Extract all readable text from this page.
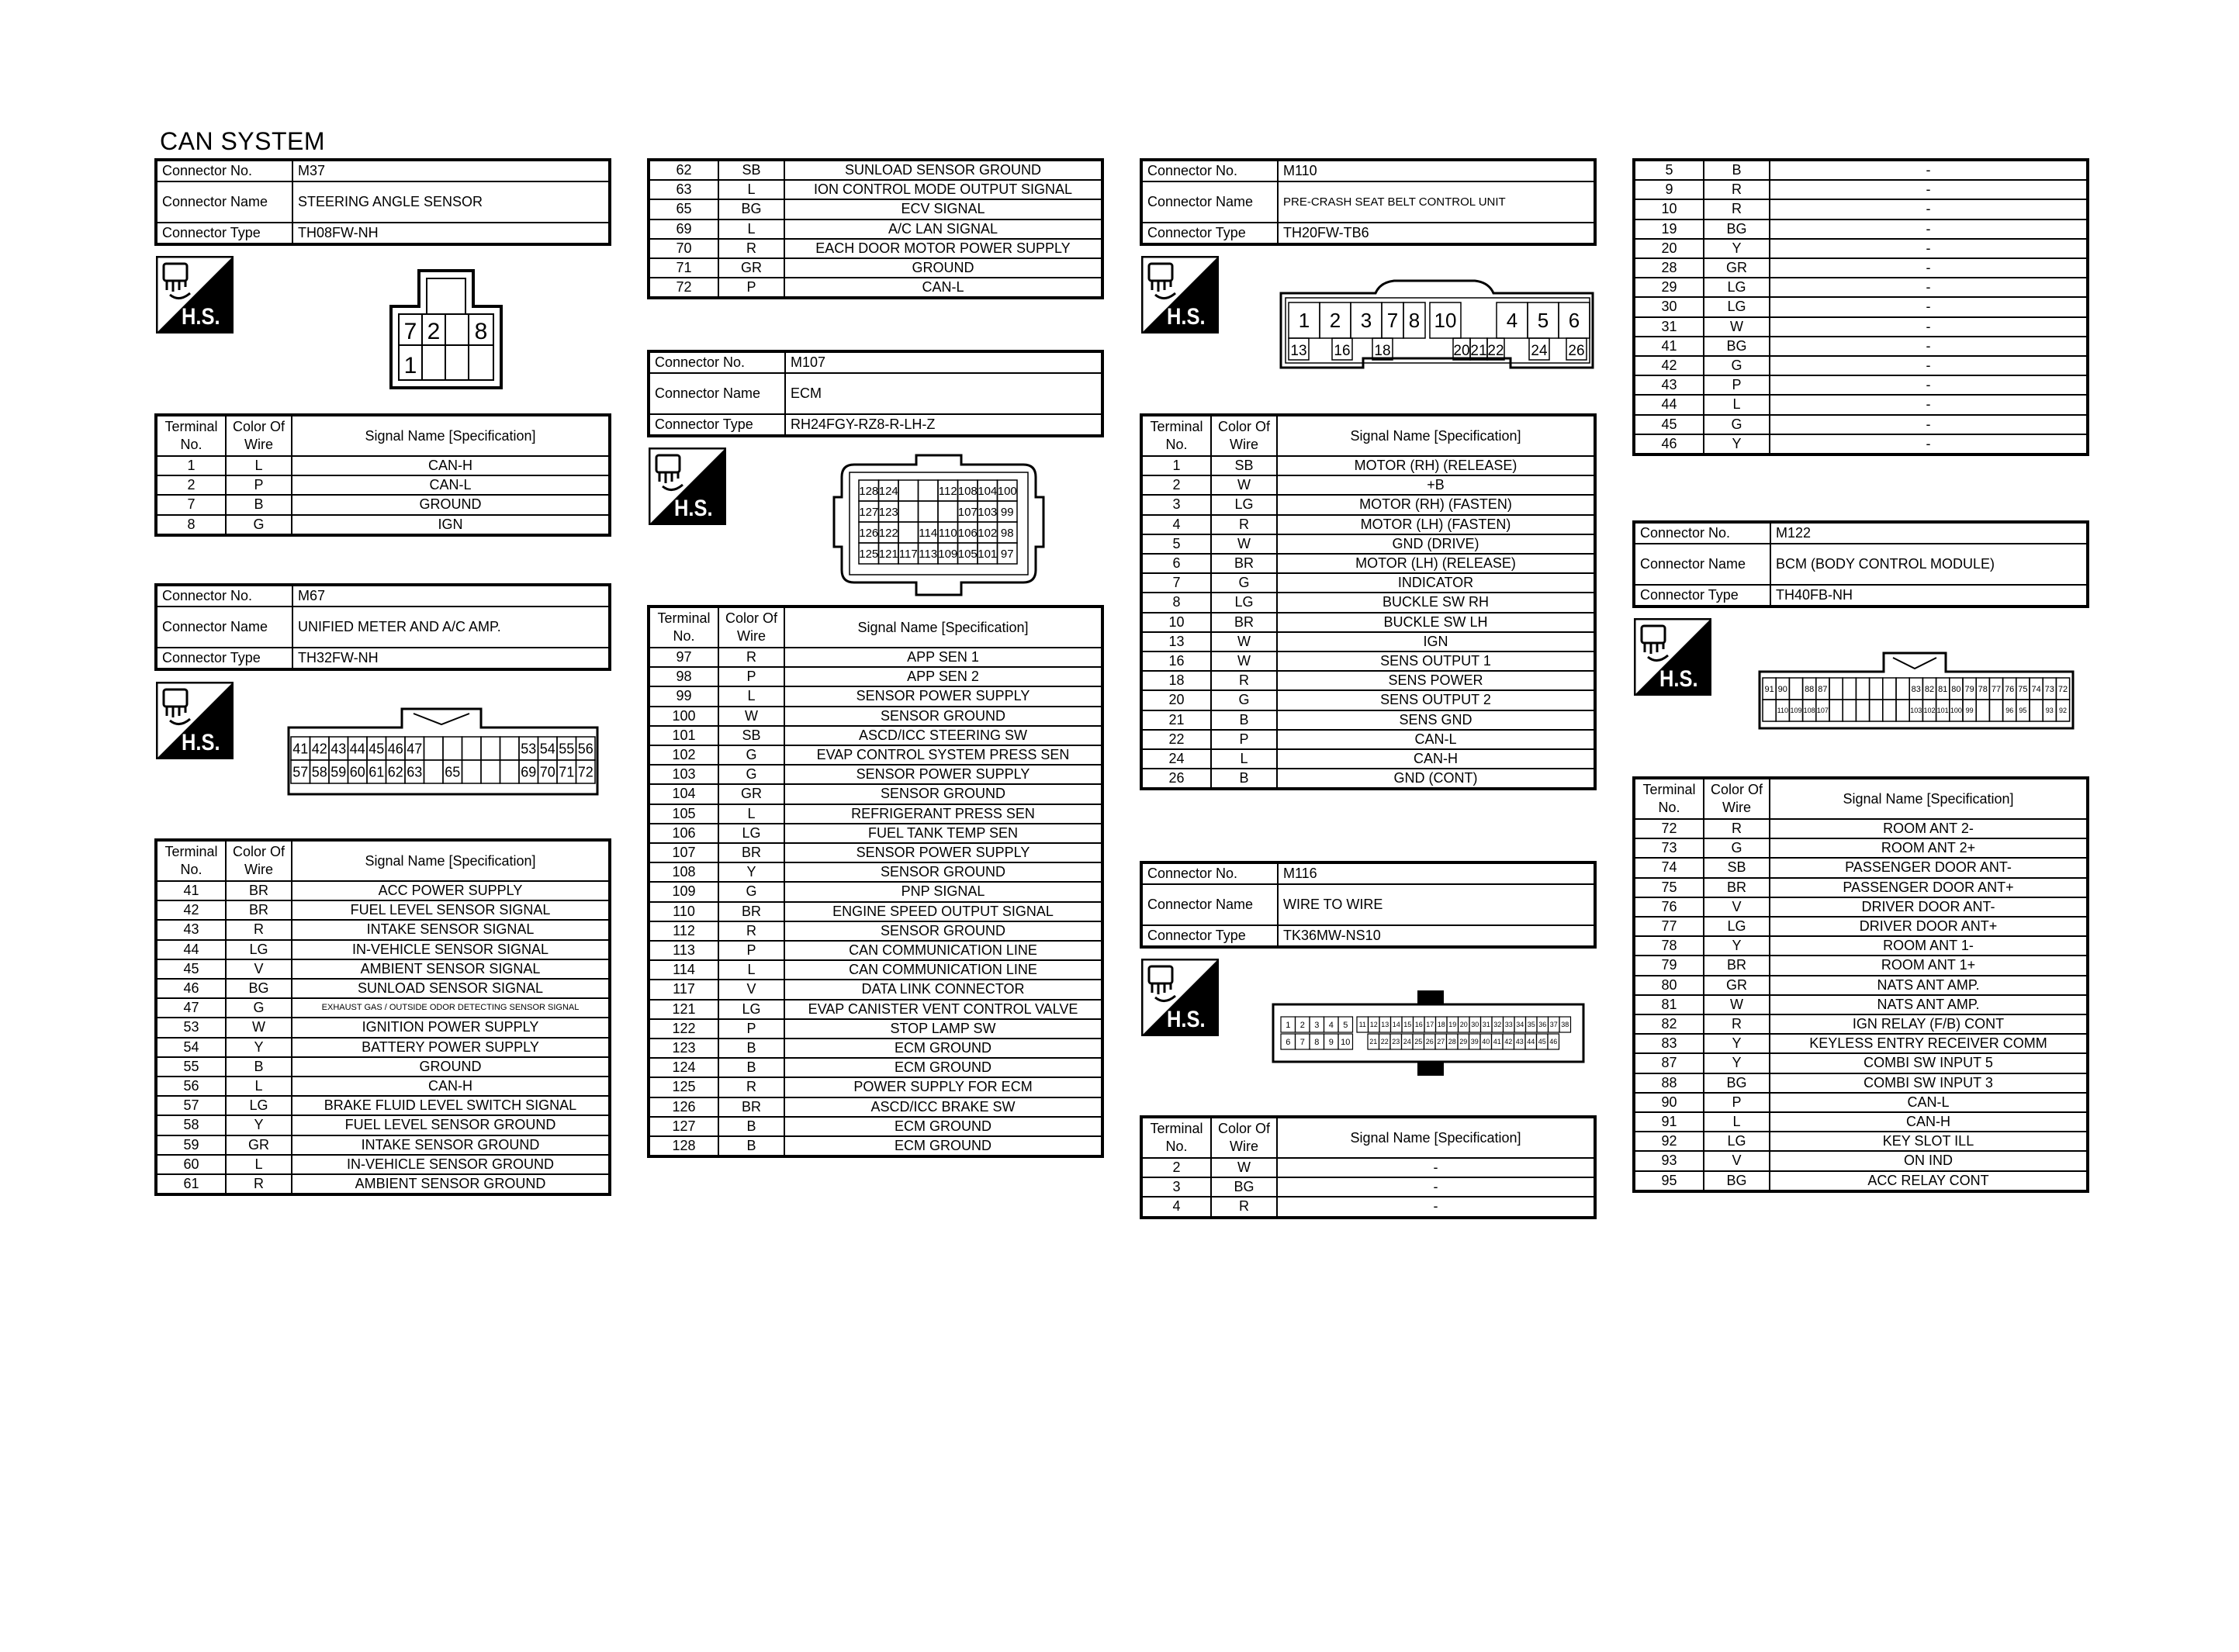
CAN SYSTEM
Connector No.	M37
Connector Name	STEERING ANGLE SENSOR
Connector Type	TH08FW-NH
H.S.
7 2 8
1
Terminal No.	Color Of Wire	Signal Name [Specification]
1	L	CAN-H
2	P	CAN-L
7	B	GROUND
8	G	IGN
Connector No.	M67
Connector Name	UNIFIED METER AND A/C AMP.
Connector Type	TH32FW-NH
H.S.	41 42 43 44 45 46 47	53 54 55 56
57 58 59 60 61 62 63 65	69 70 71 72
Terminal No.	Color Of Wire	Signal Name [Specification]
41	BR	ACC POWER SUPPLY
42	BR	FUEL LEVEL SENSOR SIGNAL
43	R	INTAKE SENSOR SIGNAL
44	LG	IN-VEHICLE SENSOR SIGNAL
45	V	AMBIENT SENSOR SIGNAL
46	BG	SUNLOAD SENSOR SIGNAL
47	G	EXHAUST GAS / OUTSIDE ODOR DETECTING SENSOR SIGNAL
53	W	IGNITION POWER SUPPLY
54	Y	BATTERY POWER SUPPLY
55	B	GROUND
56	L	CAN-H
57	LG	BRAKE FLUID LEVEL SWITCH SIGNAL
58	Y	FUEL LEVEL SENSOR GROUND
59	GR	INTAKE SENSOR GROUND
60	L	IN-VEHICLE SENSOR GROUND
61	R	AMBIENT SENSOR GROUND
62	SB	SUNLOAD SENSOR GROUND
63	L	ION CONTROL MODE OUTPUT SIGNAL
65	BG	ECV SIGNAL
69	L	A/C LAN SIGNAL
70	R	EACH DOOR MOTOR POWER SUPPLY
71	GR	GROUND
72	P	CAN-L
Connector No.	M107
Connector Name	ECM
Connector Type	RH24FGY-RZ8-R-LH-Z
H.S.
128 124	112 108 104 100
127 123	107 103 99
126 122 114 110 106 102 98
125 121 117 113 109 105 101 97
Terminal No.	Color Of Wire	Signal Name [Specification]
97	R	APP SEN 1
98	P	APP SEN 2
99	L	SENSOR POWER SUPPLY
100	W	SENSOR GROUND
101	SB	ASCD/ICC STEERING SW
102	G	EVAP CONTROL SYSTEM PRESS SEN
103	G	SENSOR POWER SUPPLY
104	GR	SENSOR GROUND
105	L	REFRIGERANT PRESS SEN
106	LG	FUEL TANK TEMP SEN
107	BR	SENSOR POWER SUPPLY
108	Y	SENSOR GROUND
109	G	PNP SIGNAL
110	BR	ENGINE SPEED OUTPUT SIGNAL
112	R	SENSOR GROUND
113	P	CAN COMMUNICATION LINE
114	L	CAN COMMUNICATION LINE
117	V	DATA LINK CONNECTOR
121	LG	EVAP CANISTER VENT CONTROL VALVE
122	P	STOP LAMP SW
123	B	ECM GROUND
124	B	ECM GROUND
125	R	POWER SUPPLY FOR ECM
126	BR	ASCD/ICC BRAKE SW
127	B	ECM GROUND
128	B	ECM GROUND
Connector No.	M110
Connector Name	PRE-CRASH SEAT BELT CONTROL UNIT
Connector Type	TH20FW-TB6
H.S.	1 2 3 7 8 10 4 5 6
13 16 18	20 21 22 24 26
Terminal No.	Color Of Wire	Signal Name [Specification]
1	SB	MOTOR (RH) (RELEASE)
2	W	+B
3	LG	MOTOR (RH) (FASTEN)
4	R	MOTOR (LH) (FASTEN)
5	W	GND (DRIVE)
6	BR	MOTOR (LH) (RELEASE)
7	G	INDICATOR
8	LG	BUCKLE SW RH
10	BR	BUCKLE SW LH
13	W	IGN
16	W	SENS OUTPUT 1
18	R	SENS POWER
20	G	SENS OUTPUT 2
21	B	SENS GND
22	P	CAN-L
24	L	CAN-H
26	B	GND (CONT)
Connector No.	M116
Connector Name	WIRE TO WIRE
Connector Type	TK36MW-NS10
H.S.	1 2 3 4 5 11 12 13 14 15 16 17 18 19 20 30 31 32 33 34 35 36 37 38
6 7 8 9 10	21 22 23 24 25 26 27 28 29 39 40 41 42 43 44 45 46
Terminal No.	Color Of Wire	Signal Name [Specification]
2	W	-
3	BG	-
4	R	-
5	B	-
9	R	-
10	R	-
19	BG	-
20	Y	-
28	GR	-
29	LG	-
30	LG	-
31	W	-
41	BG	-
42	G	-
43	P	-
44	L	-
45	G	-
46	Y	-
Connector No.	M122
Connector Name	BCM (BODY CONTROL MODULE)
Connector Type	TH40FB-NH
H.S.	91 90 88 87	83 82 81 80 79 78 77 76 75 74 73 72
110 109 108 107	103 102 101 100 99	96 95	93 92
Terminal No.	Color Of Wire	Signal Name [Specification]
72	R	ROOM ANT 2-
73	G	ROOM ANT 2+
74	SB	PASSENGER DOOR ANT-
75	BR	PASSENGER DOOR ANT+
76	V	DRIVER DOOR ANT-
77	LG	DRIVER DOOR ANT+
78	Y	ROOM ANT 1-
79	BR	ROOM ANT 1+
80	GR	NATS ANT AMP.
81	W	NATS ANT AMP.
82	R	IGN RELAY (F/B) CONT
83	Y	KEYLESS ENTRY RECEIVER COMM
87	Y	COMBI SW INPUT 5
88	BG	COMBI SW INPUT 3
90	P	CAN-L
91	L	CAN-H
92	LG	KEY SLOT ILL
93	V	ON IND
95	BG	ACC RELAY CONT
